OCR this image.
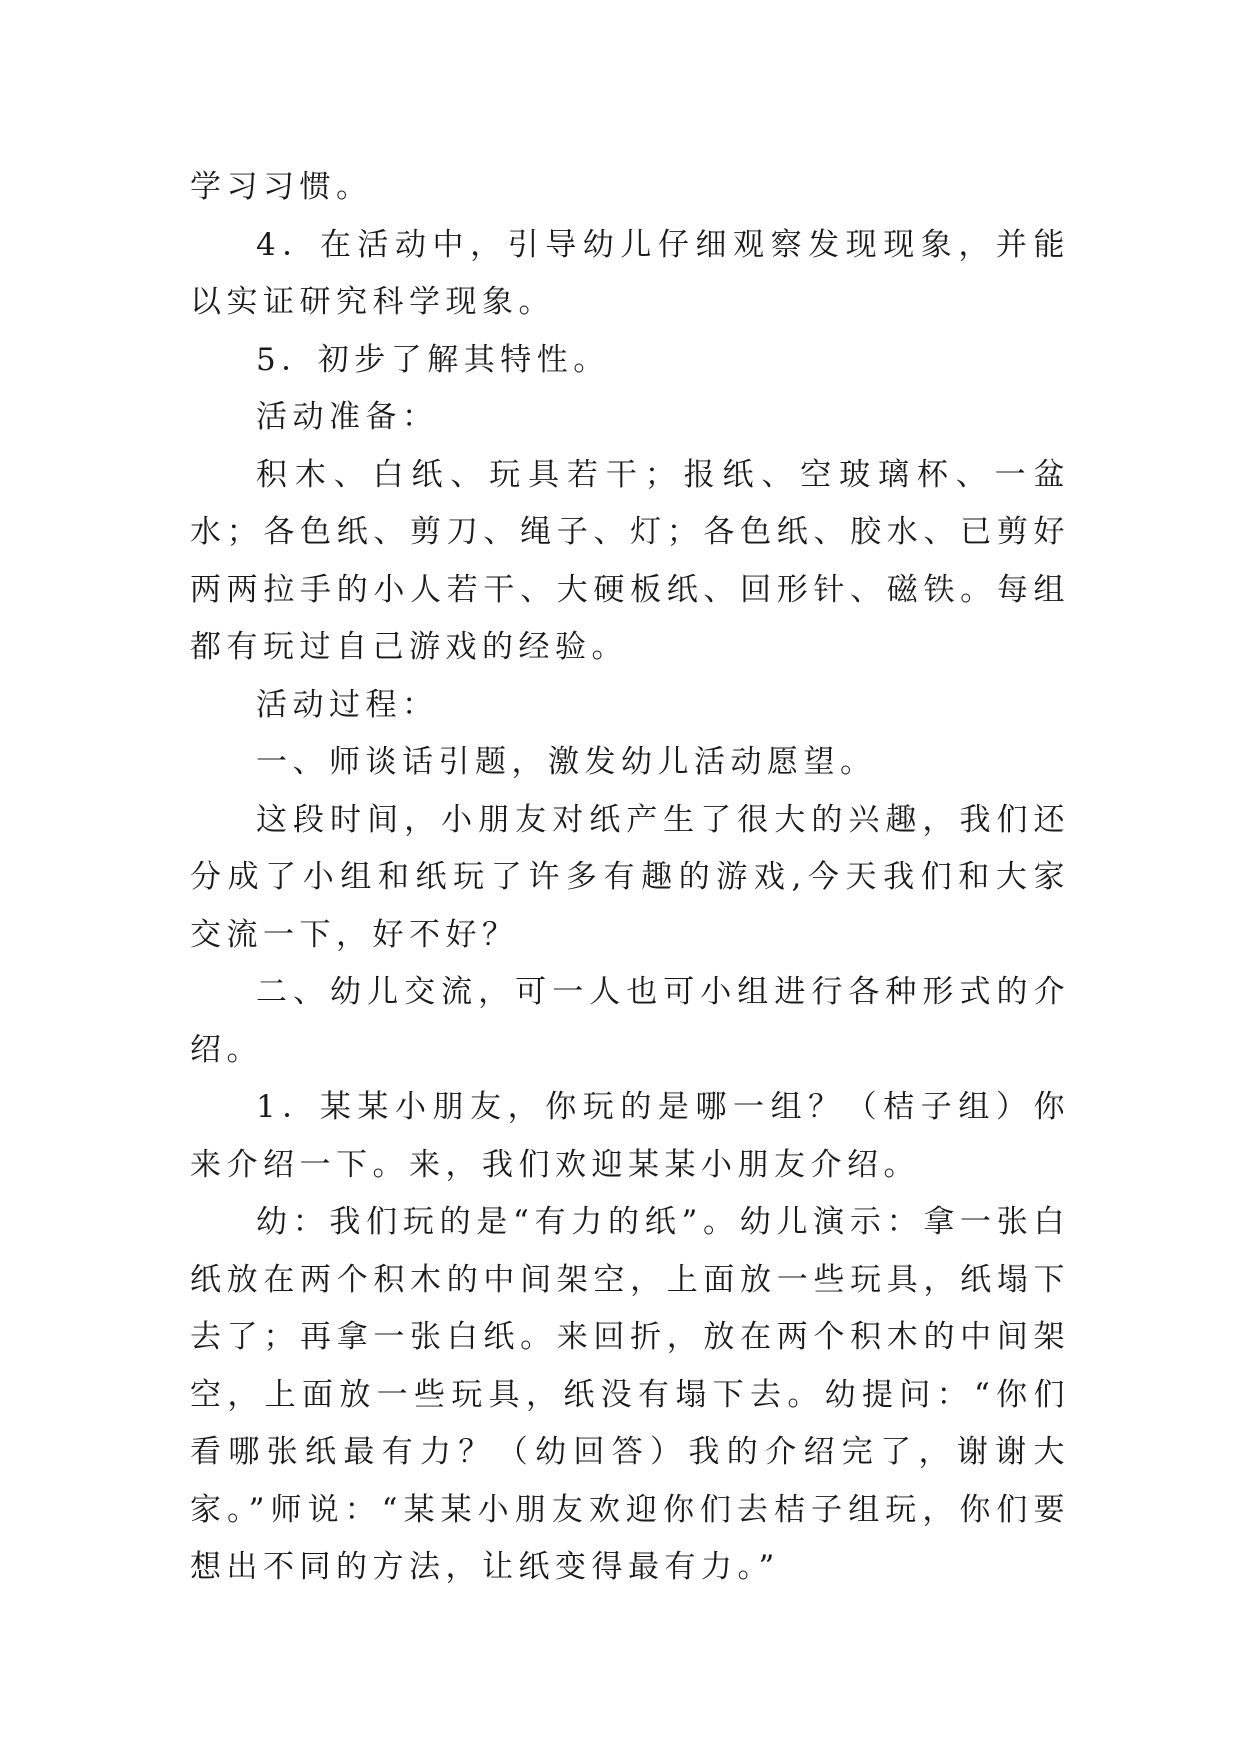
学习习惯。

4．在活动中，引导幼儿仔细观察发现现象，并能以实证研究科学现象。

5．初步了解其特性。

活动准备：

积木、白纸、玩具若干；报纸、空玻璃杯、一盆水；各色纸、剪刀、绳子、灯；各色纸、胶水、已剪好两两拉手的小人若干、大硬板纸、回形针、磁铁。每组都有玩过自己游戏的经验。

活动过程：

一、师谈话引题，激发幼儿活动愿望。

这段时间，小朋友对纸产生了很大的兴趣，我们还分成了小组和纸玩了许多有趣的游戏,今天我们和大家交流一下，好不好？

二、幼儿交流，可一人也可小组进行各种形式的介绍。

1．某某小朋友，你玩的是哪一组？（桔子组）你来介绍一下。来，我们欢迎某某小朋友介绍。

幼：我们玩的是“有力的纸”。幼儿演示：拿一张白纸放在两个积木的中间架空，上面放一些玩具，纸塌下去了；再拿一张白纸。来回折，放在两个积木的中间架空，上面放一些玩具，纸没有塌下去。幼提问：“你们看哪张纸最有力？（幼回答）我的介绍完了，谢谢大家。”师说：“某某小朋友欢迎你们去桔子组玩，你们要想出不同的方法，让纸变得最有力。”
